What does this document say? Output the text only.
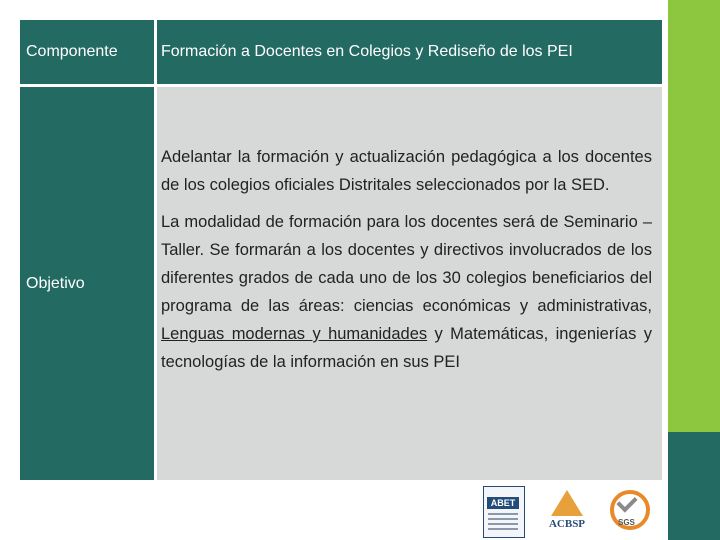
Componente	Formación a Docentes en Colegios y Rediseño de los PEI
Objetivo

Adelantar la formación y actualización pedagógica a los docentes de los colegios oficiales Distritales seleccionados por la SED.

La modalidad de formación para los docentes será de Seminario – Taller. Se formarán a los docentes y directivos involucrados de los diferentes grados de cada uno de los 30 colegios beneficiarios del programa de las áreas: ciencias económicas y administrativas, Lenguas modernas y humanidades y Matemáticas, ingenierías y tecnologías de la información en sus PEI

ABET
ACBSP	SGS
